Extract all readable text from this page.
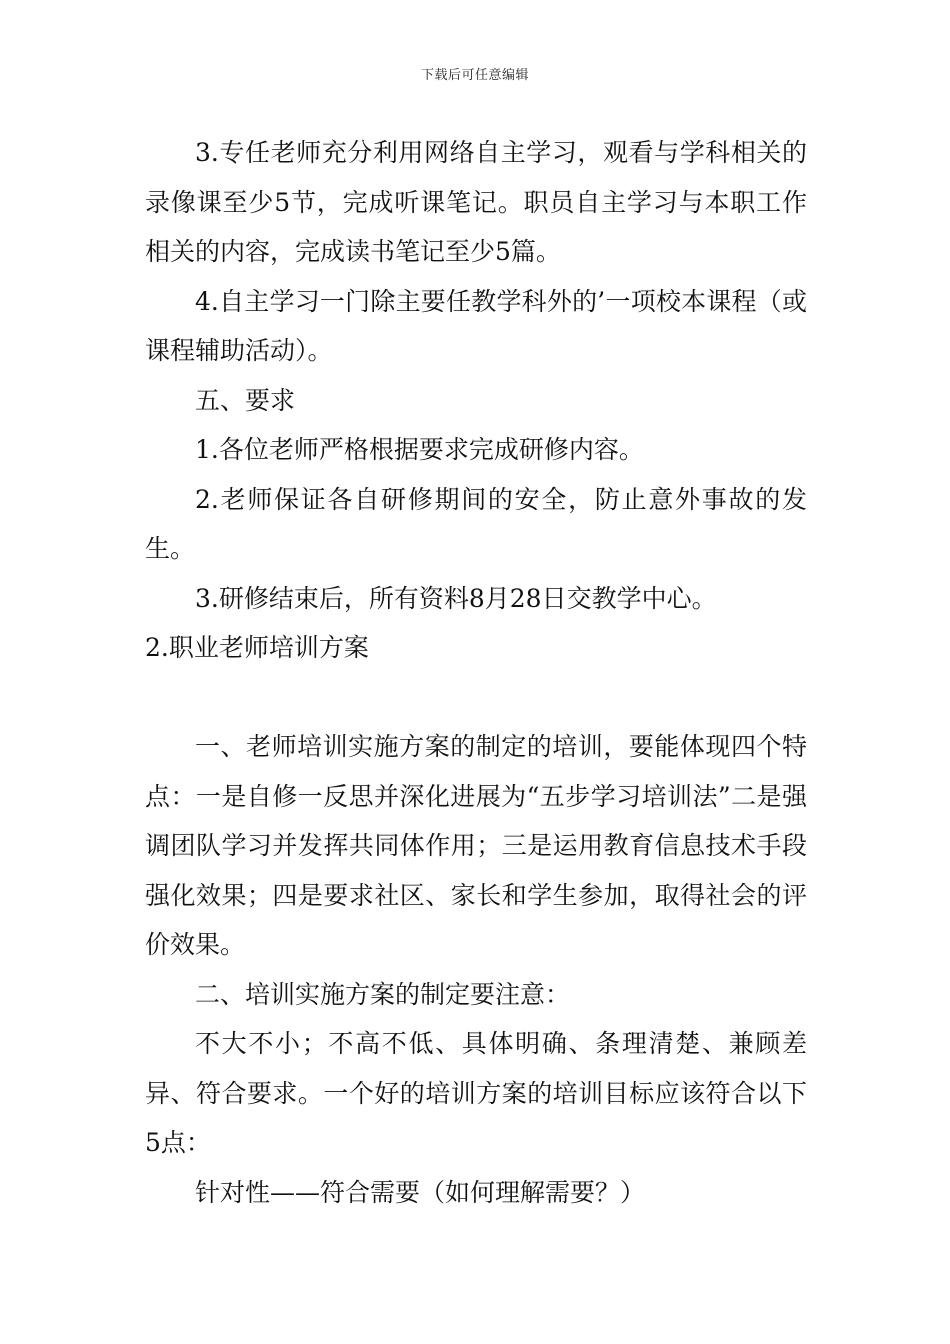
下载后可任意编辑

3.专任老师充分利用网络自主学习，观看与学科相关的录像课至少5节，完成听课笔记。职员自主学习与本职工作相关的内容，完成读书笔记至少5篇。

4.自主学习一门除主要任教学科外的’一项校本课程（或课程辅助活动）。

五、要求

1.各位老师严格根据要求完成研修内容。

2.老师保证各自研修期间的安全，防止意外事故的发生。

3.研修结束后，所有资料8月28日交教学中心。

2.职业老师培训方案

一、老师培训实施方案的制定的培训，要能体现四个特点：一是自修一反思并深化进展为“五步学习培训法”二是强调团队学习并发挥共同体作用；三是运用教育信息技术手段强化效果；四是要求社区、家长和学生参加，取得社会的评价效果。

二、培训实施方案的制定要注意：

不大不小；不高不低、具体明确、条理清楚、兼顾差异、符合要求。一个好的培训方案的培训目标应该符合以下5点：

针对性——符合需要（如何理解需要？）
